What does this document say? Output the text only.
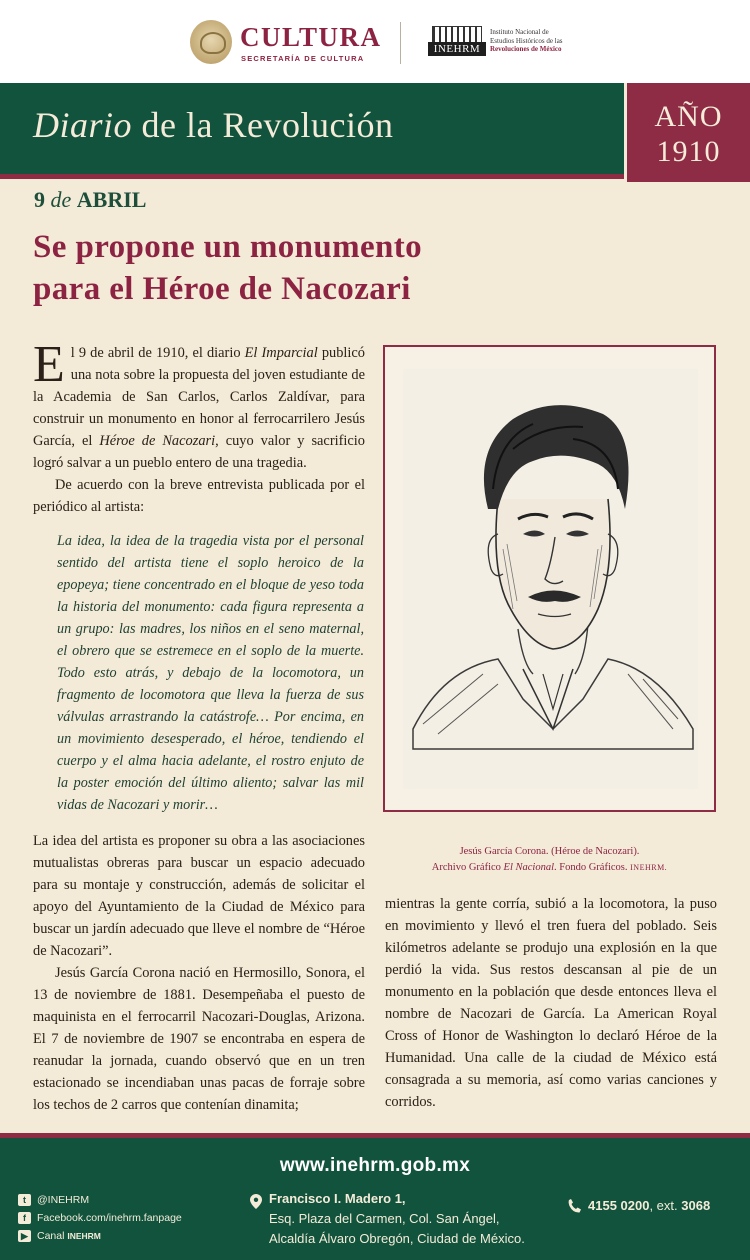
CULTURA
SECRETARÍA DE CULTURA
INEHRM
Instituto Nacional de
Estudios Históricos de las
Revoluciones de México
Diario de la Revolución	AÑO
1910
9 de ABRIL
Se propone un monumento
para el Héroe de Nacozari

El 9 de abril de 1910, el diario El Imparcial publicó una nota sobre la propuesta del joven estudiante de la Academia de San Carlos, Carlos Zaldívar, para construir un monumento en honor al ferrocarrilero Jesús García, el Héroe de Nacozari, cuyo valor y sacrificio logró salvar a un pueblo entero de una tragedia.

De acuerdo con la breve entrevista publicada por el periódico al artista:

La idea, la idea de la tragedia vista por el personal sentido del artista tiene el soplo heroico de la epopeya; tiene concentrado en el bloque de yeso toda la historia del monumento: cada figura representa a un grupo: las madres, los niños en el seno maternal, el obrero que se estremece en el soplo de la muerte. Todo esto atrás, y debajo de la locomotora, un fragmento de locomotora que lleva la fuerza de sus válvulas arrastrando la catástrofe… Por encima, en un movimiento desesperado, el héroe, tendiendo el cuerpo y el alma hacia adelante, el rostro enjuto de la poster emoción del último aliento; salvar las mil vidas de Nacozari y morir…

La idea del artista es proponer su obra a las asociaciones mutualistas obreras para buscar un espacio adecuado para su montaje y construcción, además de solicitar el apoyo del Ayuntamiento de la Ciudad de México para buscar un jardín adecuado que lleve el nombre de “Héroe de Nacozari”.

Jesús García Corona nació en Hermosillo, Sonora, el 13 de noviembre de 1881. Desempeñaba el puesto de maquinista en el ferrocarril Nacozari-Douglas, Arizona. El 7 de noviembre de 1907 se encontraba en espera de reanudar la jornada, cuando observó que en un tren estacionado se incendiaban unas pacas de forraje sobre los techos de 2 carros que contenían dinamita;

Jesús García Corona. (Héroe de Nacozari).
Archivo Gráfico El Nacional. Fondo Gráficos. INEHRM.

mientras la gente corría, subió a la locomotora, la puso en movimiento y llevó el tren fuera del poblado. Seis kilómetros adelante se produjo una explosión en la que perdió la vida. Sus restos descansan al pie de un monumento en la población que desde entonces lleva el nombre de Nacozari de García. La American Royal Cross of Honor de Washington lo declaró Héroe de la Humanidad. Una calle de la ciudad de México está consagrada a su memoria, así como varias canciones y corridos.

www.inehrm.gob.mx
t	@INEHRM
f	Facebook.com/inehrm.fanpage
▶ Canal INEHRM
Francisco I. Madero 1,
Esq. Plaza del Carmen, Col. San Ángel,
Alcaldía Álvaro Obregón, Ciudad de México.
4155 0200, ext. 3068
